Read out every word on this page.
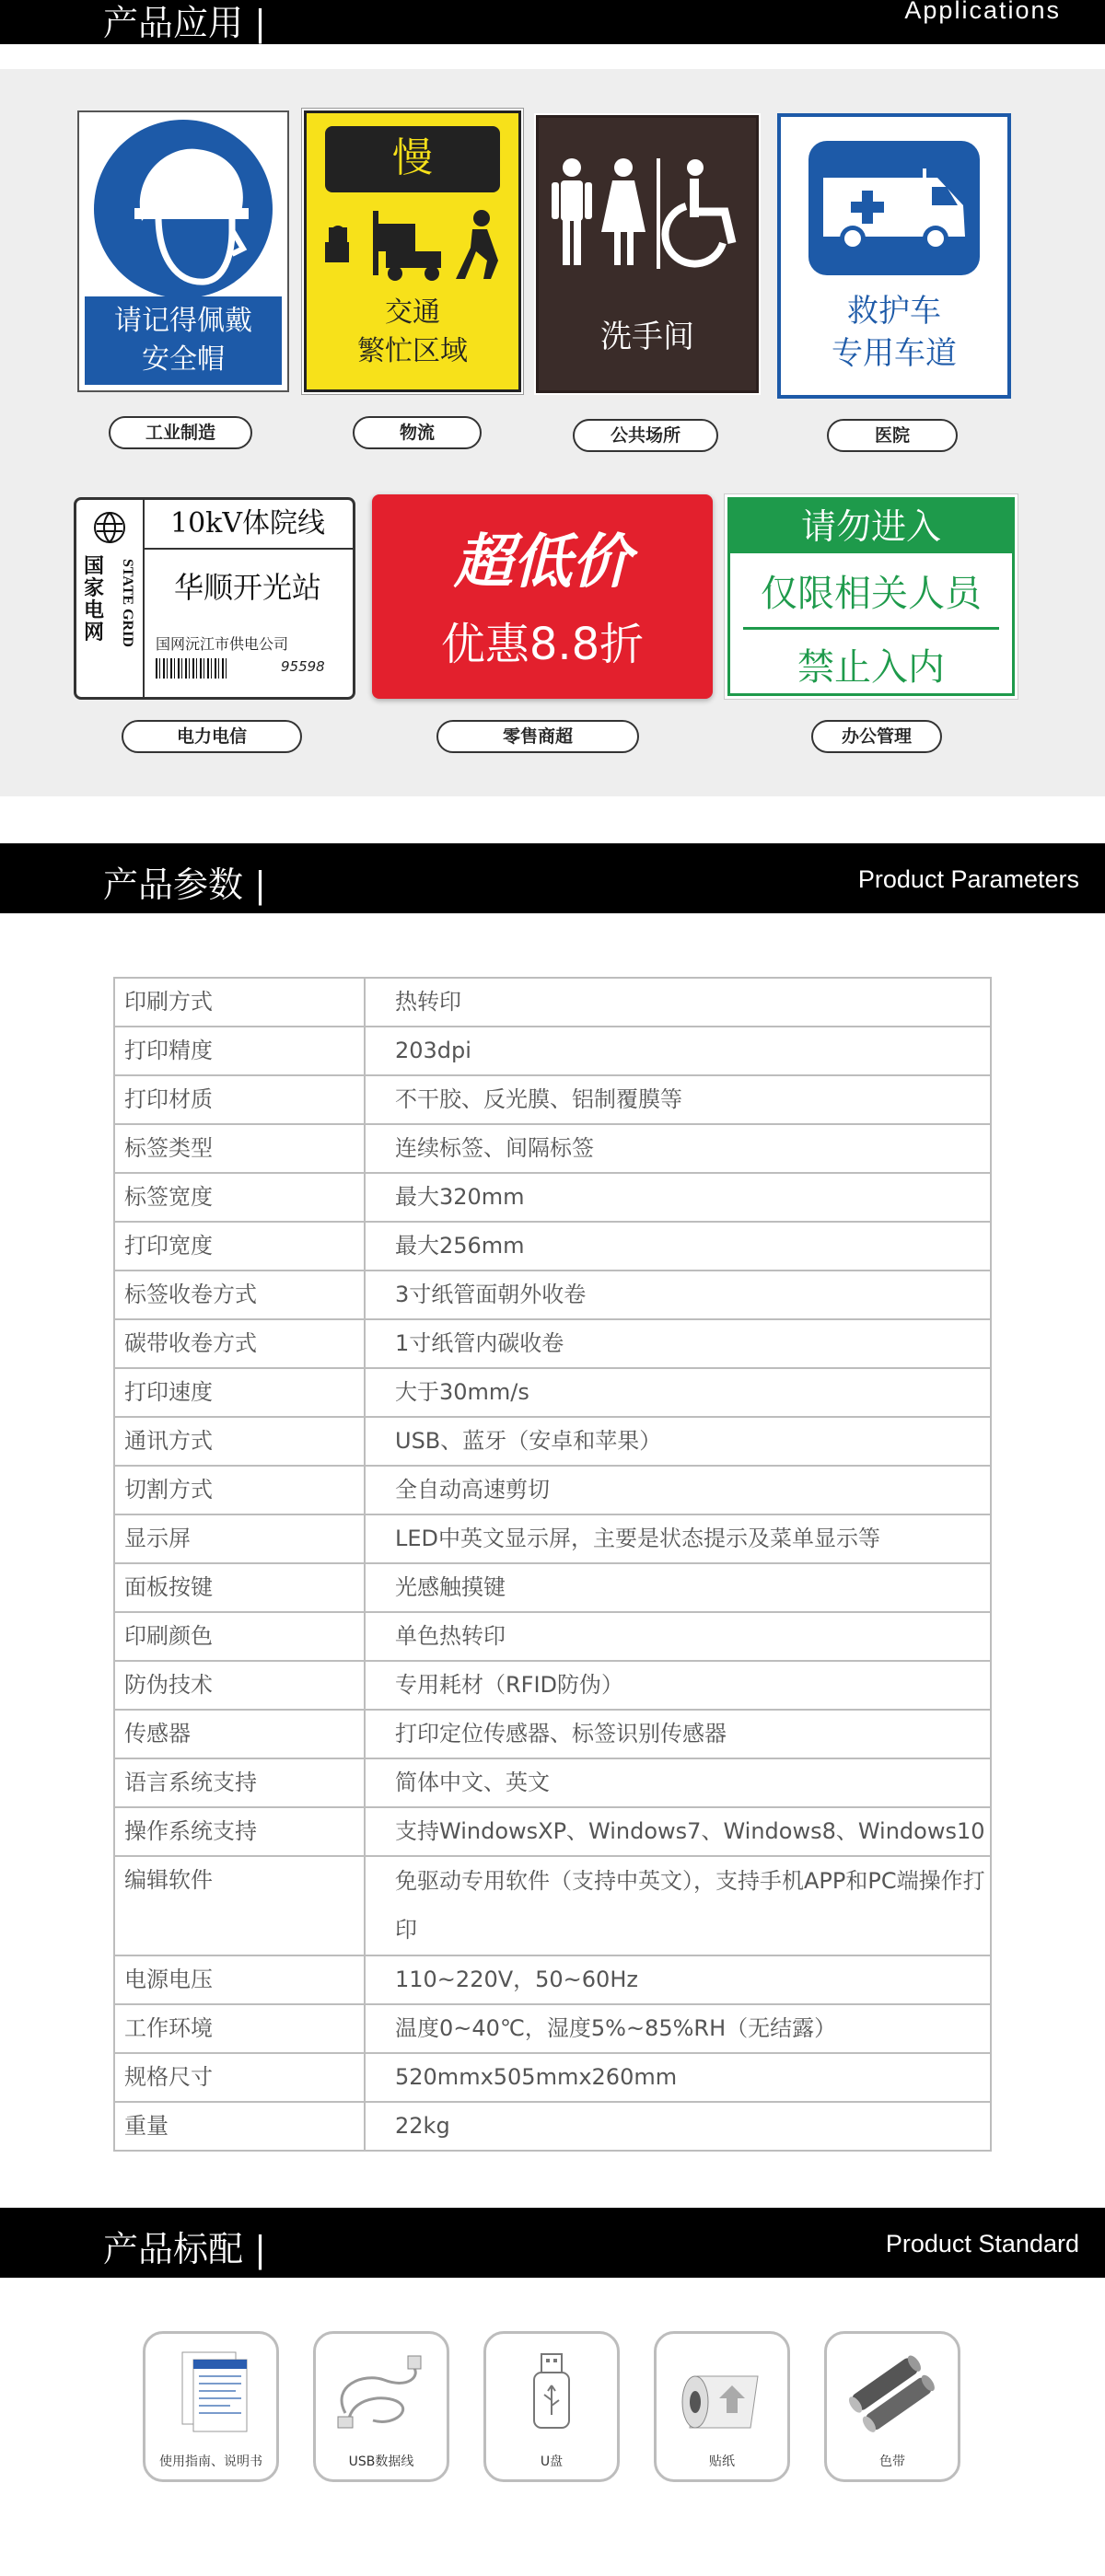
产品应用 |	Applications
请记得佩戴
安全帽
慢
交通
繁忙区域	洗手间
救护车
专用车道
国家电网	STATE GRID
10kV体院线
华顺开光站
国网沅江市供电公司
95598
超低价
优惠8.8折
请勿进入
仅限相关人员
禁止入内
工业制造	物流	公共场所	医院
电力电信	零售商超	办公管理
产品参数 |	Product Parameters
印刷方式	热转印
打印精度	203dpi
打印材质	不干胶、反光膜、铝制覆膜等
标签类型	连续标签、间隔标签
标签宽度	最大320mm
打印宽度	最大256mm
标签收卷方式	3寸纸管面朝外收卷
碳带收卷方式	1寸纸管内碳收卷
打印速度	大于30mm/s
通讯方式	USB、蓝牙（安卓和苹果）
切割方式	全自动高速剪切
显示屏	LED中英文显示屏，主要是状态提示及菜单显示等
面板按键	光感触摸键
印刷颜色	单色热转印
防伪技术	专用耗材（RFID防伪）
传感器	打印定位传感器、标签识别传感器
语言系统支持	简体中文、英文
操作系统支持	支持WindowsXP、Windows7、Windows8、Windows10
编辑软件	免驱动专用软件（支持中英文），支持手机APP和PC端操作打印
电源电压	110~220V，50~60Hz
工作环境	温度0~40℃，湿度5%~85%RH（无结露）
规格尺寸	520mmx505mmx260mm
重量	22kg
产品标配 |	Product Standard
使用指南、说明书	USB数据线	U盘	贴纸	色带
